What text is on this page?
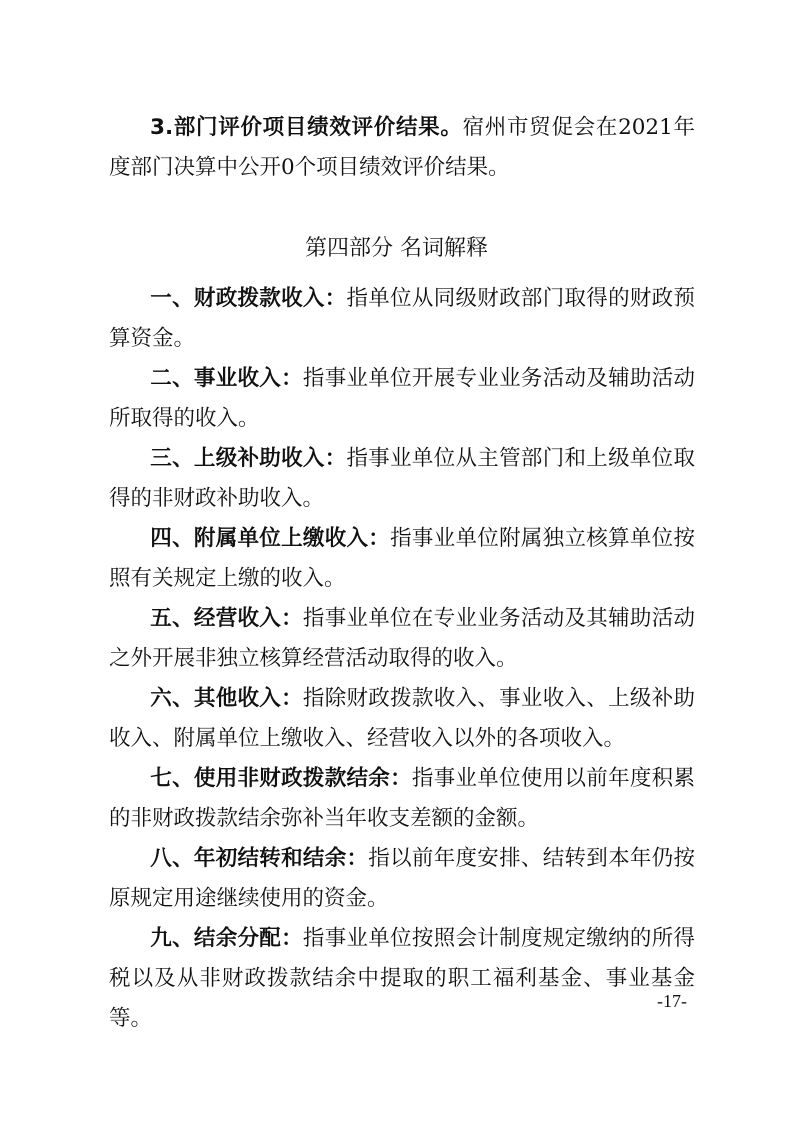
3.部门评价项目绩效评价结果。宿州市贸促会在2021年度部门决算中公开0个项目绩效评价结果。

第四部分 名词解释

一、财政拨款收入：指单位从同级财政部门取得的财政预算资金。

二、事业收入：指事业单位开展专业业务活动及辅助活动所取得的收入。

三、上级补助收入：指事业单位从主管部门和上级单位取得的非财政补助收入。

四、附属单位上缴收入：指事业单位附属独立核算单位按照有关规定上缴的收入。

五、经营收入：指事业单位在专业业务活动及其辅助活动之外开展非独立核算经营活动取得的收入。

六、其他收入：指除财政拨款收入、事业收入、上级补助收入、附属单位上缴收入、经营收入以外的各项收入。

七、使用非财政拨款结余：指事业单位使用以前年度积累的非财政拨款结余弥补当年收支差额的金额。

八、年初结转和结余：指以前年度安排、结转到本年仍按原规定用途继续使用的资金。

九、结余分配：指事业单位按照会计制度规定缴纳的所得税以及从非财政拨款结余中提取的职工福利基金、事业基金等。

-17-
